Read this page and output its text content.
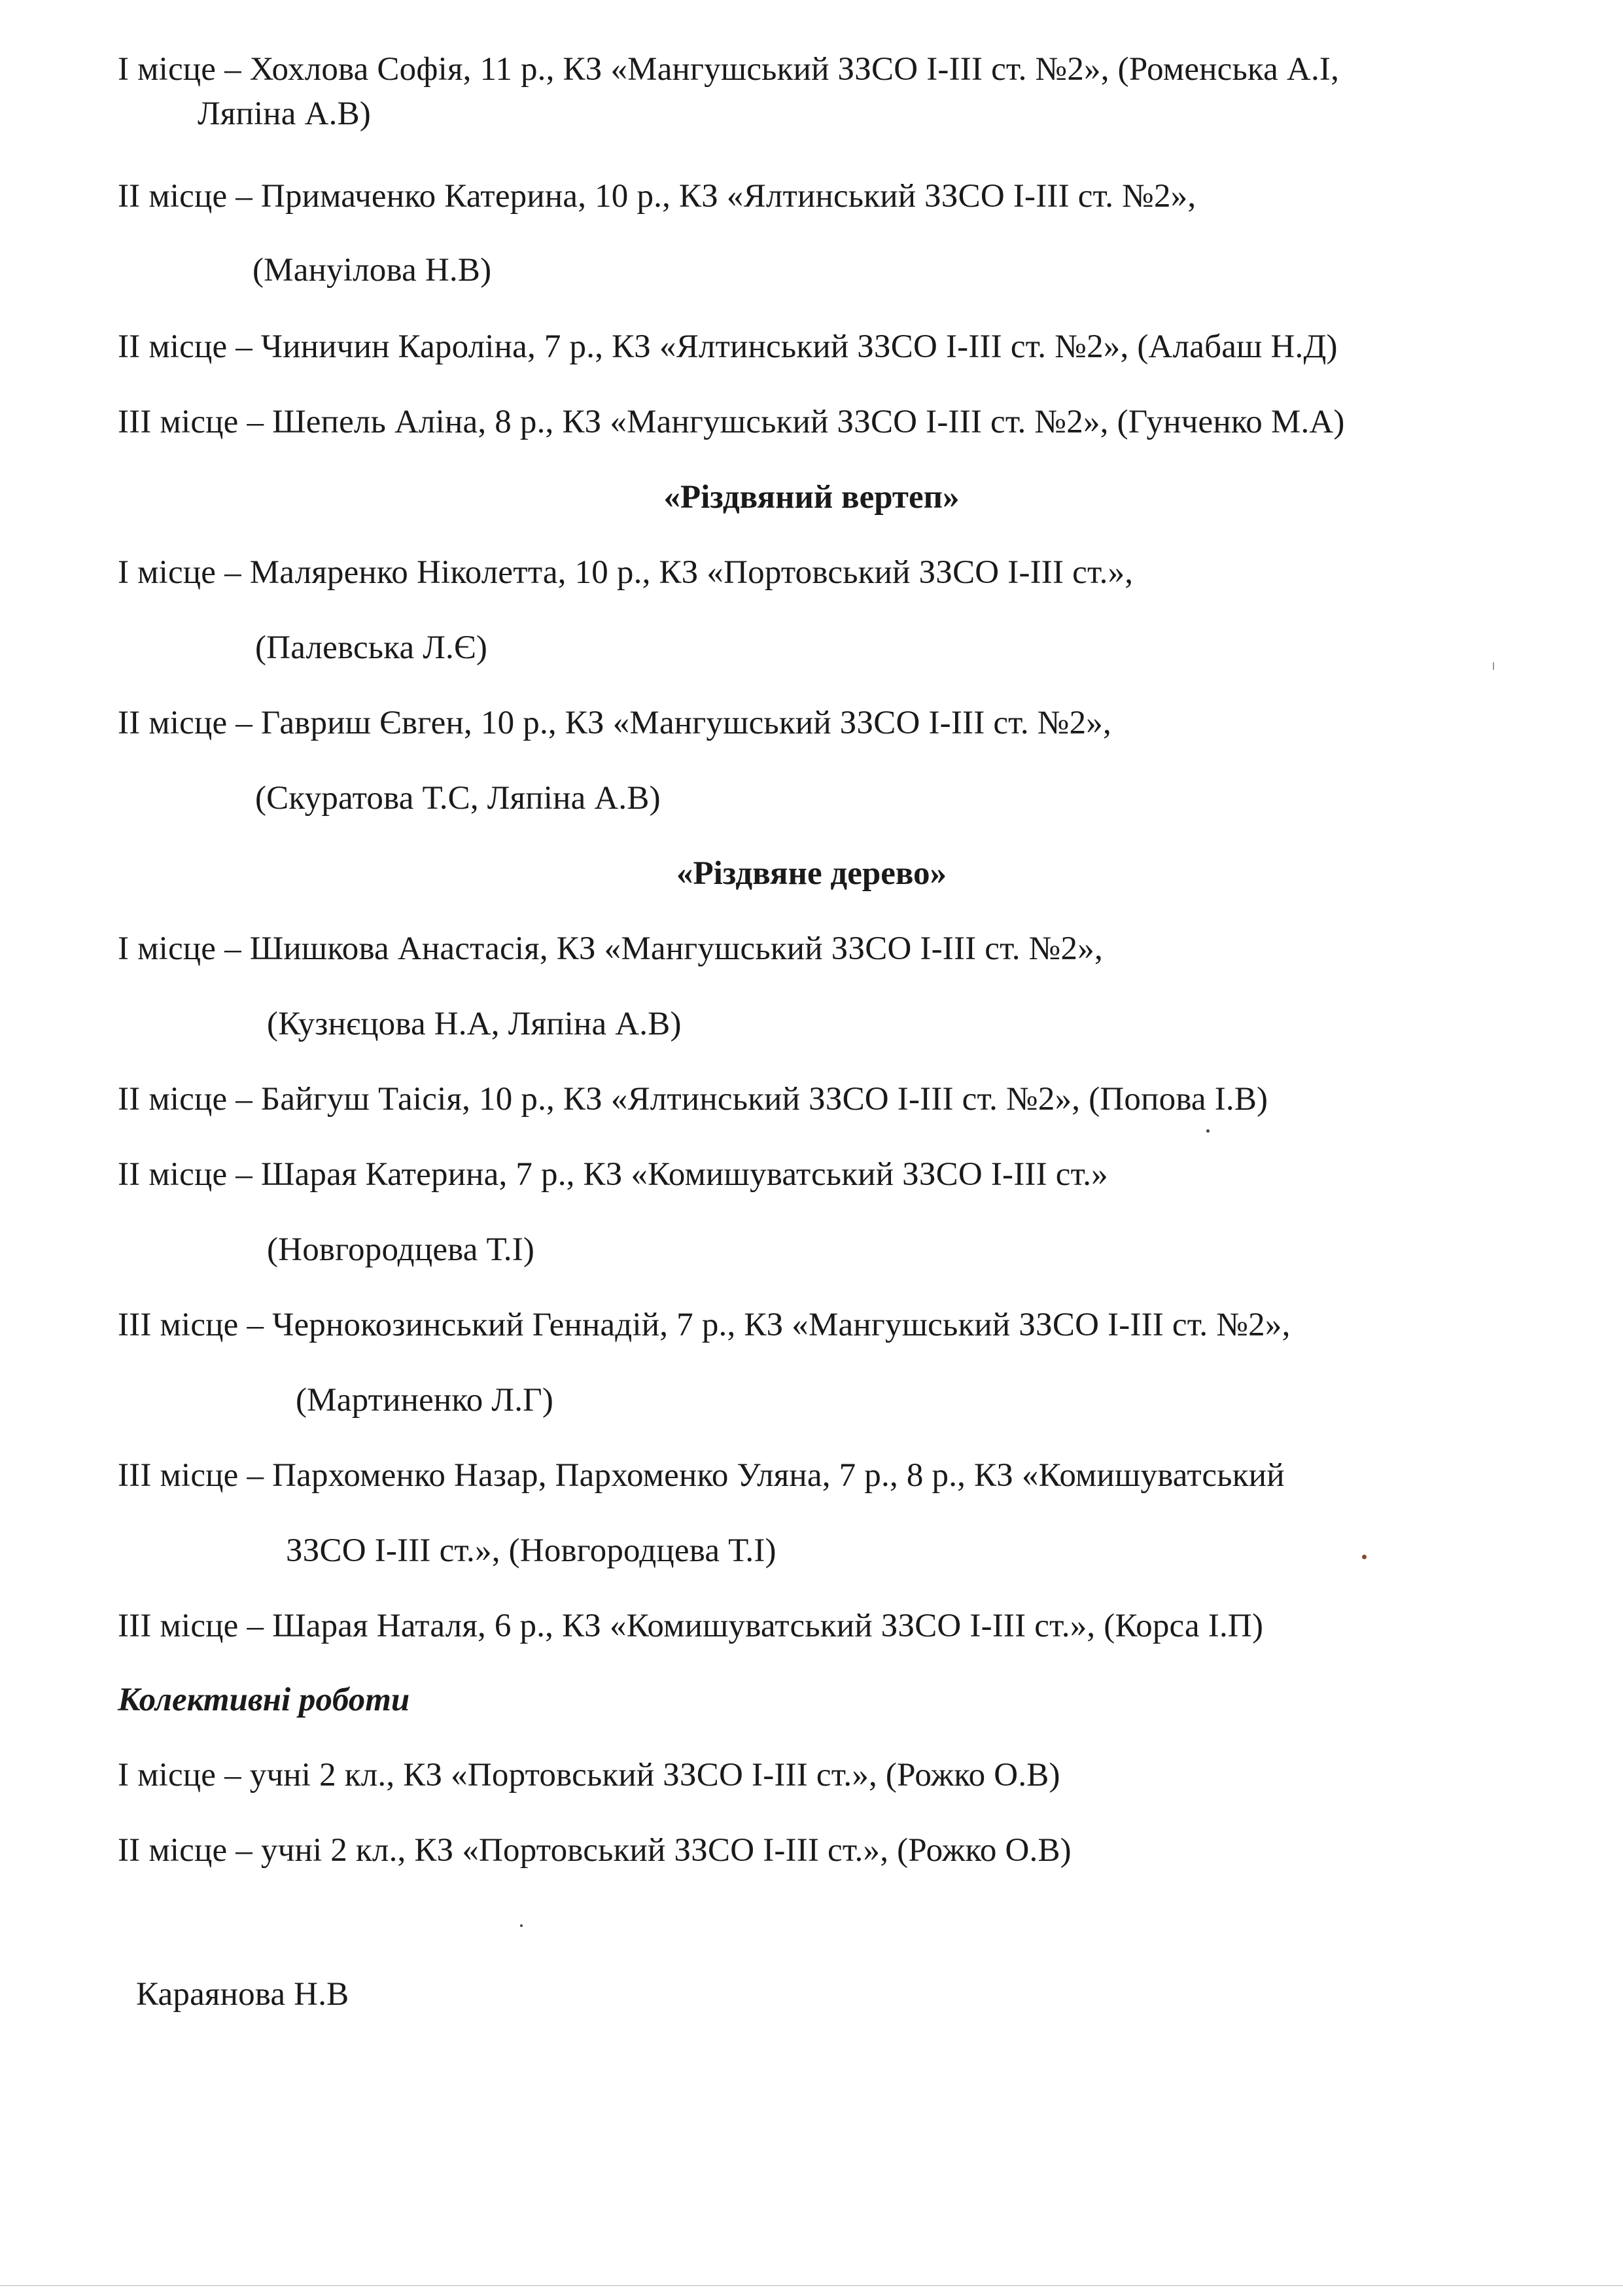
I місце – Хохлова Софія, 11 р., КЗ «Мангушський ЗЗСО I-III ст. №2», (Роменська А.І,
Ляпіна А.В)
II місце – Примаченко Катерина, 10 р., КЗ «Ялтинський ЗЗСО I-III ст. №2»,
(Мануілова Н.В)
II місце – Чиничин Кароліна, 7 р., КЗ «Ялтинський ЗЗСО I-III ст. №2», (Алабаш Н.Д)
III місце – Шепель Аліна, 8 р., КЗ «Мангушський ЗЗСО I-III ст. №2», (Гунченко М.А)
«Різдвяний вертеп»
I місце – Маляренко Ніколетта, 10 р., КЗ «Портовський ЗЗСО I-III ст.»,
(Палевська Л.Є)
II місце – Гавриш Євген, 10 р., КЗ «Мангушський ЗЗСО I-III ст. №2»,
(Скуратова Т.С, Ляпіна А.В)
«Різдвяне дерево»
I місце – Шишкова Анастасія, КЗ «Мангушський ЗЗСО I-III ст. №2»,
(Кузнєцова Н.А, Ляпіна А.В)
II місце – Байгуш Таісія, 10 р., КЗ «Ялтинський ЗЗСО I-III ст. №2», (Попова І.В)
II місце – Шарая Катерина, 7 р., КЗ «Комишуватський ЗЗСО I-III ст.»
(Новгородцева Т.І)
III місце – Чернокозинський Геннадій, 7 р., КЗ «Мангушський ЗЗСО I-III ст. №2»,
(Мартиненко Л.Г)
III місце – Пархоменко Назар, Пархоменко Уляна, 7 р., 8 р., КЗ «Комишуватський
ЗЗСО I-III ст.», (Новгородцева Т.І)
III місце – Шарая Наталя, 6 р., КЗ «Комишуватський ЗЗСО I-III ст.», (Корса І.П)
Колективні роботи
I місце – учні 2 кл., КЗ «Портовський ЗЗСО I-III ст.», (Рожко О.В)
II місце – учні 2 кл., КЗ «Портовський ЗЗСО I-III ст.», (Рожко О.В)
Караянова Н.В
